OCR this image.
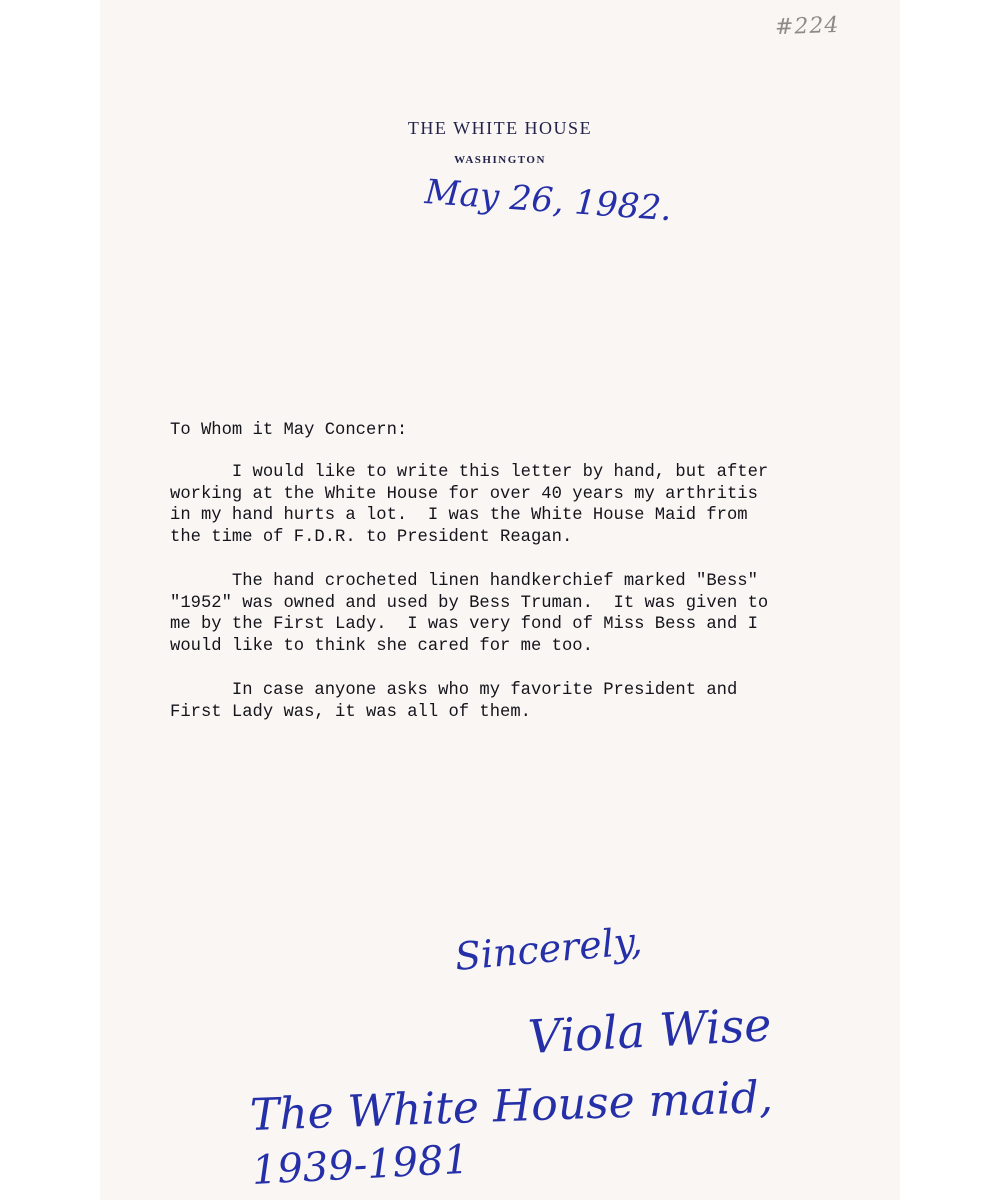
#224
THE WHITE HOUSE
WASHINGTON
May 26, 1982.
To Whom it May Concern:
I would like to write this letter by hand, but after
working at the White House for over 40 years my arthritis
in my hand hurts a lot.  I was the White House Maid from
the time of F.D.R. to President Reagan.
The hand crocheted linen handkerchief marked "Bess"
"1952" was owned and used by Bess Truman.  It was given to
me by the First Lady.  I was very fond of Miss Bess and I
would like to think she cared for me too.
In case anyone asks who my favorite President and
First Lady was, it was all of them.
Sincerely,
Viola Wise
The White House maid,
1939-1981
